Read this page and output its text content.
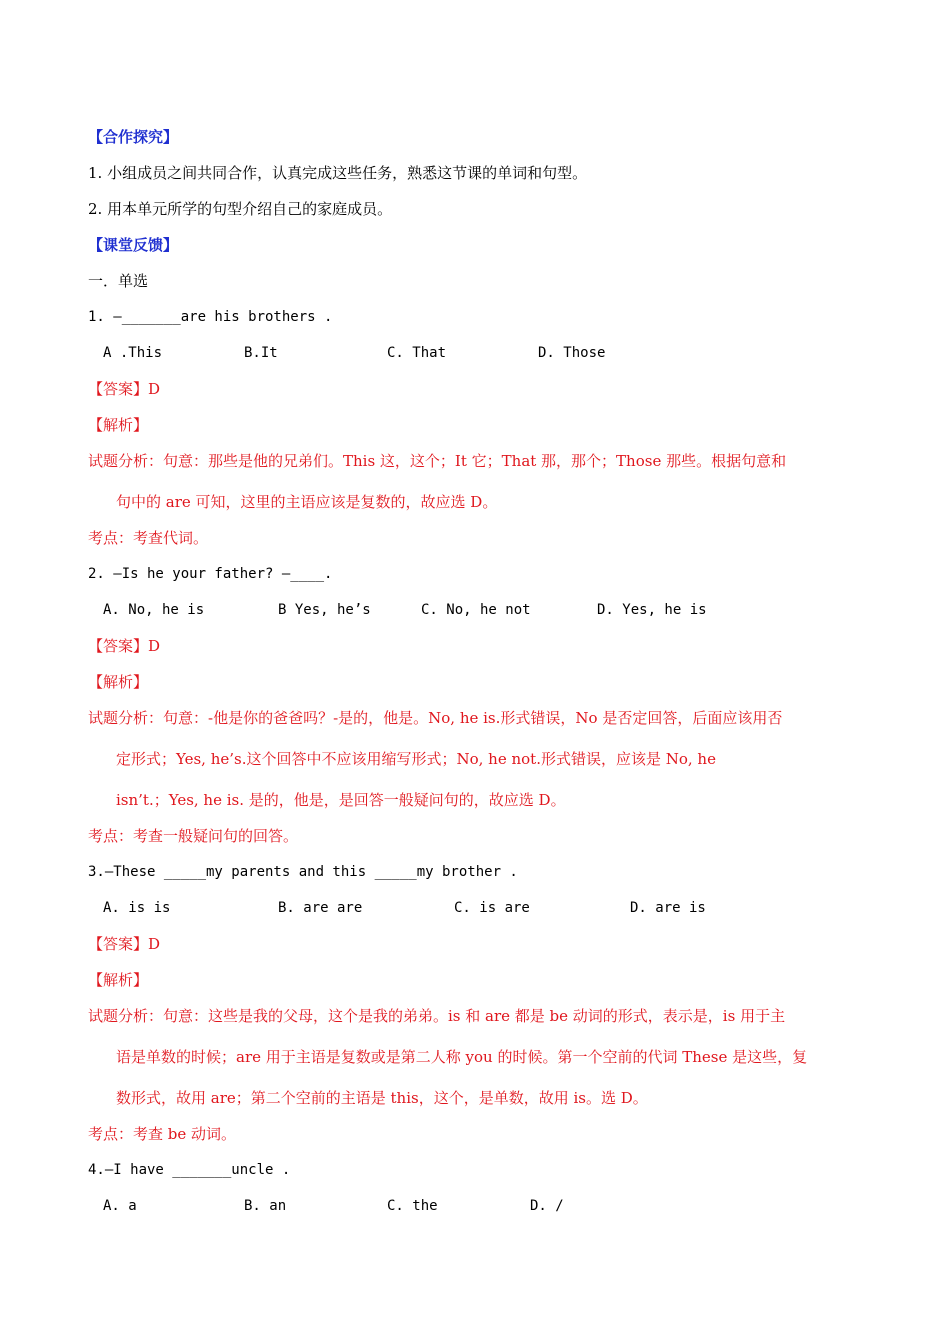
【合作探究】
1. 小组成员之间共同合作，认真完成这些任务，熟悉这节课的单词和句型。
2. 用本单元所学的句型介绍自己的家庭成员。
【课堂反馈】
一．单选
1. —_______are his brothers .
A .This	B.It	C. That	D. Those
【答案】D
【解析】
试题分析：句意：那些是他的兄弟们。This 这，这个；It 它；That 那，那个；Those 那些。根据句意和
句中的 are 可知，这里的主语应该是复数的，故应选 D。
考点：考查代词。
2. —Is he your father? —____.
A. No, he is	B Yes, he’s	C. No, he not	D. Yes, he is
【答案】D
【解析】
试题分析：句意：-他是你的爸爸吗？-是的，他是。No, he is.形式错误，No 是否定回答，后面应该用否
定形式；Yes, he’s.这个回答中不应该用缩写形式；No, he not.形式错误，应该是 No, he
isn’t.；Yes, he is. 是的，他是，是回答一般疑问句的，故应选 D。
考点：考查一般疑问句的回答。
3.—These _____my parents and this _____my brother .
A. is is	B. are are	C. is are	D. are is
【答案】D
【解析】
试题分析：句意：这些是我的父母，这个是我的弟弟。is 和 are 都是 be 动词的形式，表示是，is 用于主
语是单数的时候；are 用于主语是复数或是第二人称 you 的时候。第一个空前的代词 These 是这些，复
数形式，故用 are；第二个空前的主语是 this，这个，是单数，故用 is。选 D。
考点：考查 be 动词。
4.—I have _______uncle .
A. a	B. an	C. the	D. /
